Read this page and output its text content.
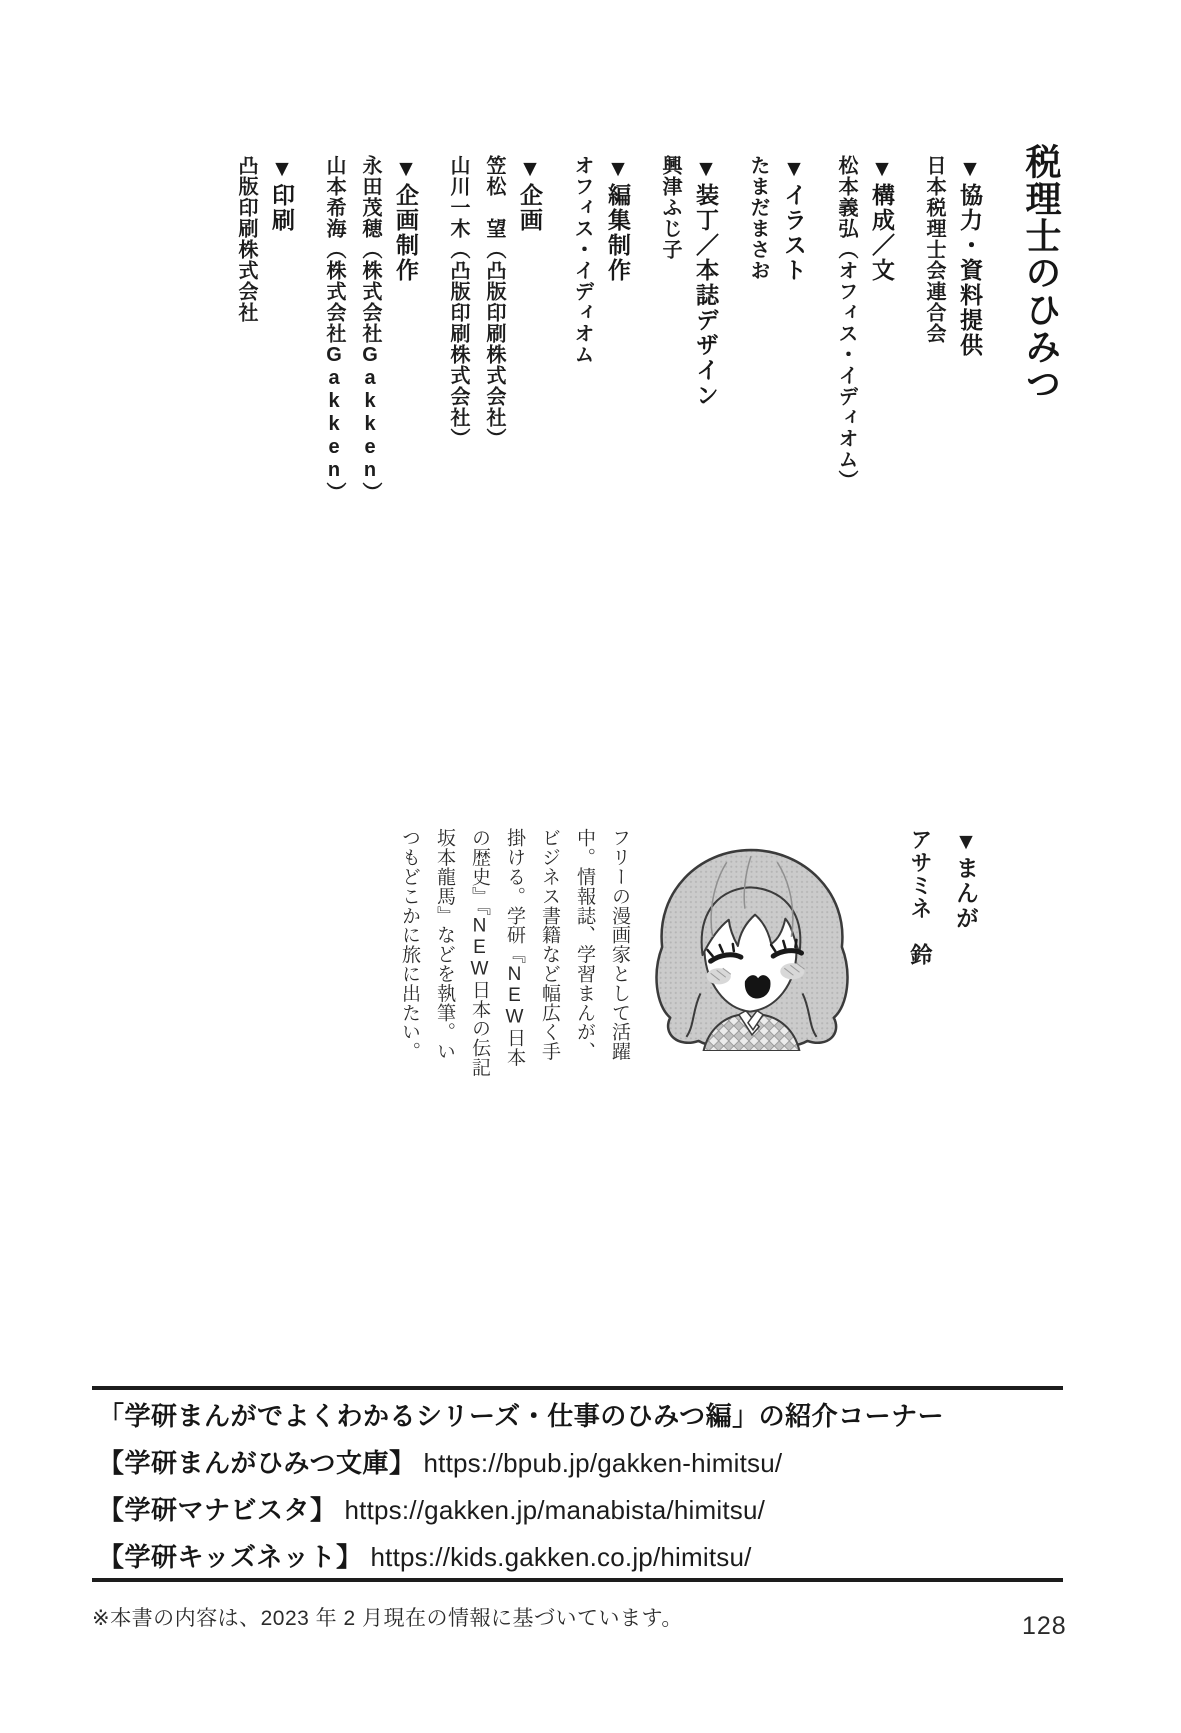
税理士のひみつ
▼協力・資料提供
日本税理士会連合会
▼構成／文
松本義弘（オフィス・イディオム）
▼イラスト
たまだまさお
▼装丁／本誌デザイン
興津ふじ子
▼編集制作
オフィス・イディオム
▼企画
笠松　望（凸版印刷株式会社）
山川一木（凸版印刷株式会社）
▼企画制作
永田茂穂（株式会社Gakken）
山本希海（株式会社Gakken）
▼印刷
凸版印刷株式会社
▼まんが
アサミネ　鈴
フリーの漫画家として活躍
中。情報誌、学習まんが、
ビジネス書籍など幅広く手
掛ける。学研『NEW日本
の歴史』『NEW日本の伝記
坂本龍馬』などを執筆。い
つもどこかに旅に出たい。

「学研まんがでよくわかるシリーズ・仕事のひみつ編」の紹介コーナー

【学研まんがひみつ文庫】 https://bpub.jp/gakken-himitsu/

【学研マナビスタ】 https://gakken.jp/manabista/himitsu/

【学研キッズネット】 https://kids.gakken.co.jp/himitsu/

※本書の内容は、2023 年 2 月現在の情報に基づいています。	128
